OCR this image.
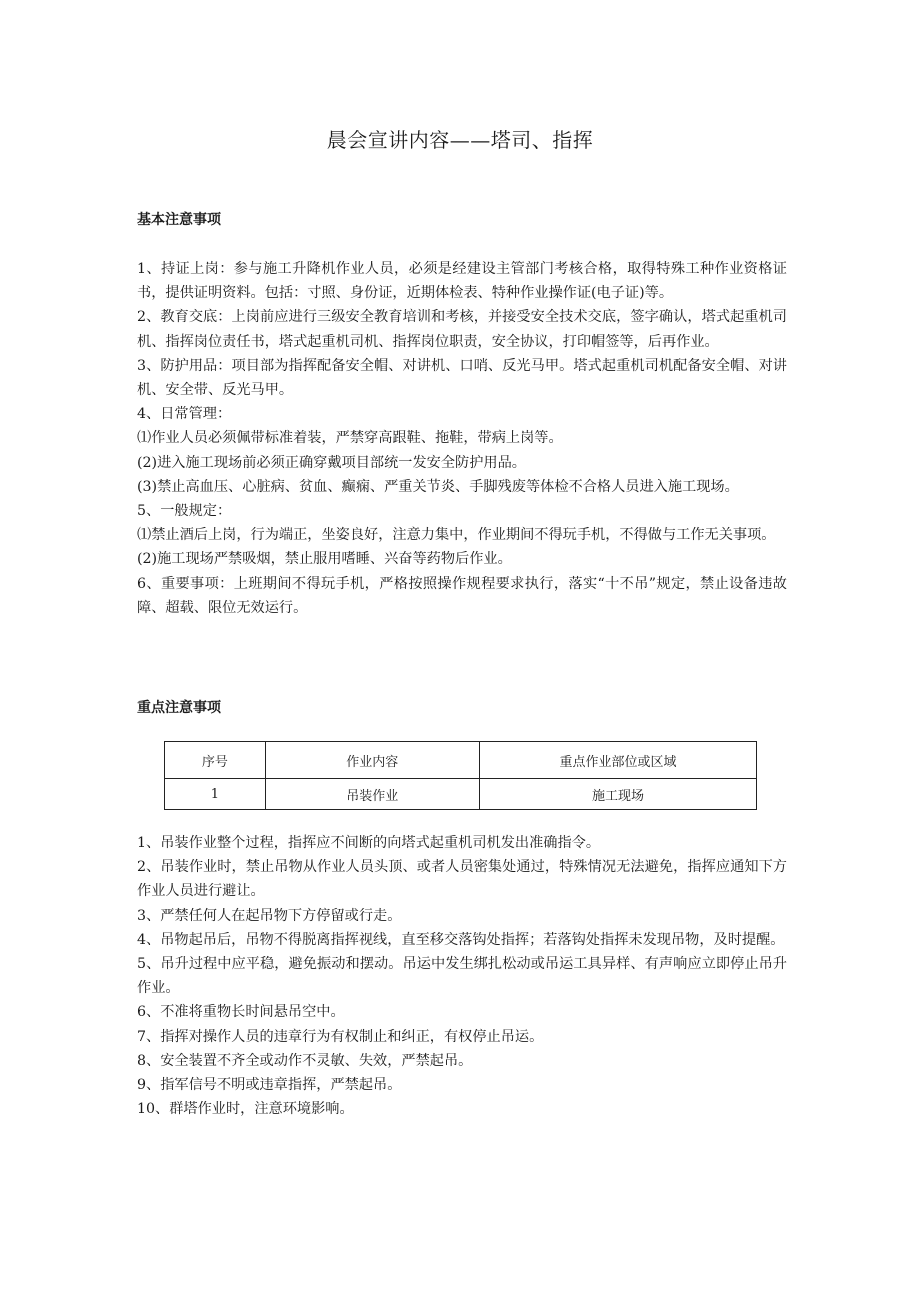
晨会宣讲内容——塔司、指挥
基本注意事项

1、持证上岗：参与施工升降机作业人员，必须是经建设主管部门考核合格，取得特殊工种作业资格证书，提供证明资料。包括：寸照、身份证，近期体检表、特种作业操作证(电子证)等。

2、教育交底：上岗前应进行三级安全教育培训和考核，并接受安全技术交底，签字确认，塔式起重机司机、指挥岗位责任书，塔式起重机司机、指挥岗位职责，安全协议，打印帽签等，后再作业。

3、防护用品：项目部为指挥配备安全帽、对讲机、口哨、反光马甲。塔式起重机司机配备安全帽、对讲机、安全带、反光马甲。

4、日常管理：

⑴作业人员必须佩带标准着装，严禁穿高跟鞋、拖鞋，带病上岗等。

(2)进入施工现场前必须正确穿戴项目部统一发安全防护用品。

(3)禁止高血压、心脏病、贫血、癫痫、严重关节炎、手脚残废等体检不合格人员进入施工现场。

5、一般规定：

⑴禁止酒后上岗，行为端正，坐姿良好，注意力集中，作业期间不得玩手机，不得做与工作无关事项。

(2)施工现场严禁吸烟，禁止服用嗜睡、兴奋等药物后作业。

6、重要事项：上班期间不得玩手机，严格按照操作规程要求执行，落实“十不吊”规定，禁止设备违故障、超载、限位无效运行。

重点注意事项
序号	作业内容	重点作业部位或区域
1	吊装作业	施工现场

1、吊装作业整个过程，指挥应不间断的向塔式起重机司机发出准确指令。

2、吊装作业时，禁止吊物从作业人员头顶、或者人员密集处通过，特殊情况无法避免，指挥应通知下方作业人员进行避让。

3、严禁任何人在起吊物下方停留或行走。

4、吊物起吊后，吊物不得脱离指挥视线，直至移交落钩处指挥；若落钩处指挥未发现吊物，及时提醒。

5、吊升过程中应平稳，避免振动和摆动。吊运中发生绑扎松动或吊运工具异样、有声响应立即停止吊升作业。

6、不准将重物长时间悬吊空中。

7、指挥对操作人员的违章行为有权制止和纠正，有权停止吊运。

8、安全装置不齐全或动作不灵敏、失效，严禁起吊。

9、指军信号不明或违章指挥，严禁起吊。

10、群塔作业时，注意环境影响。
